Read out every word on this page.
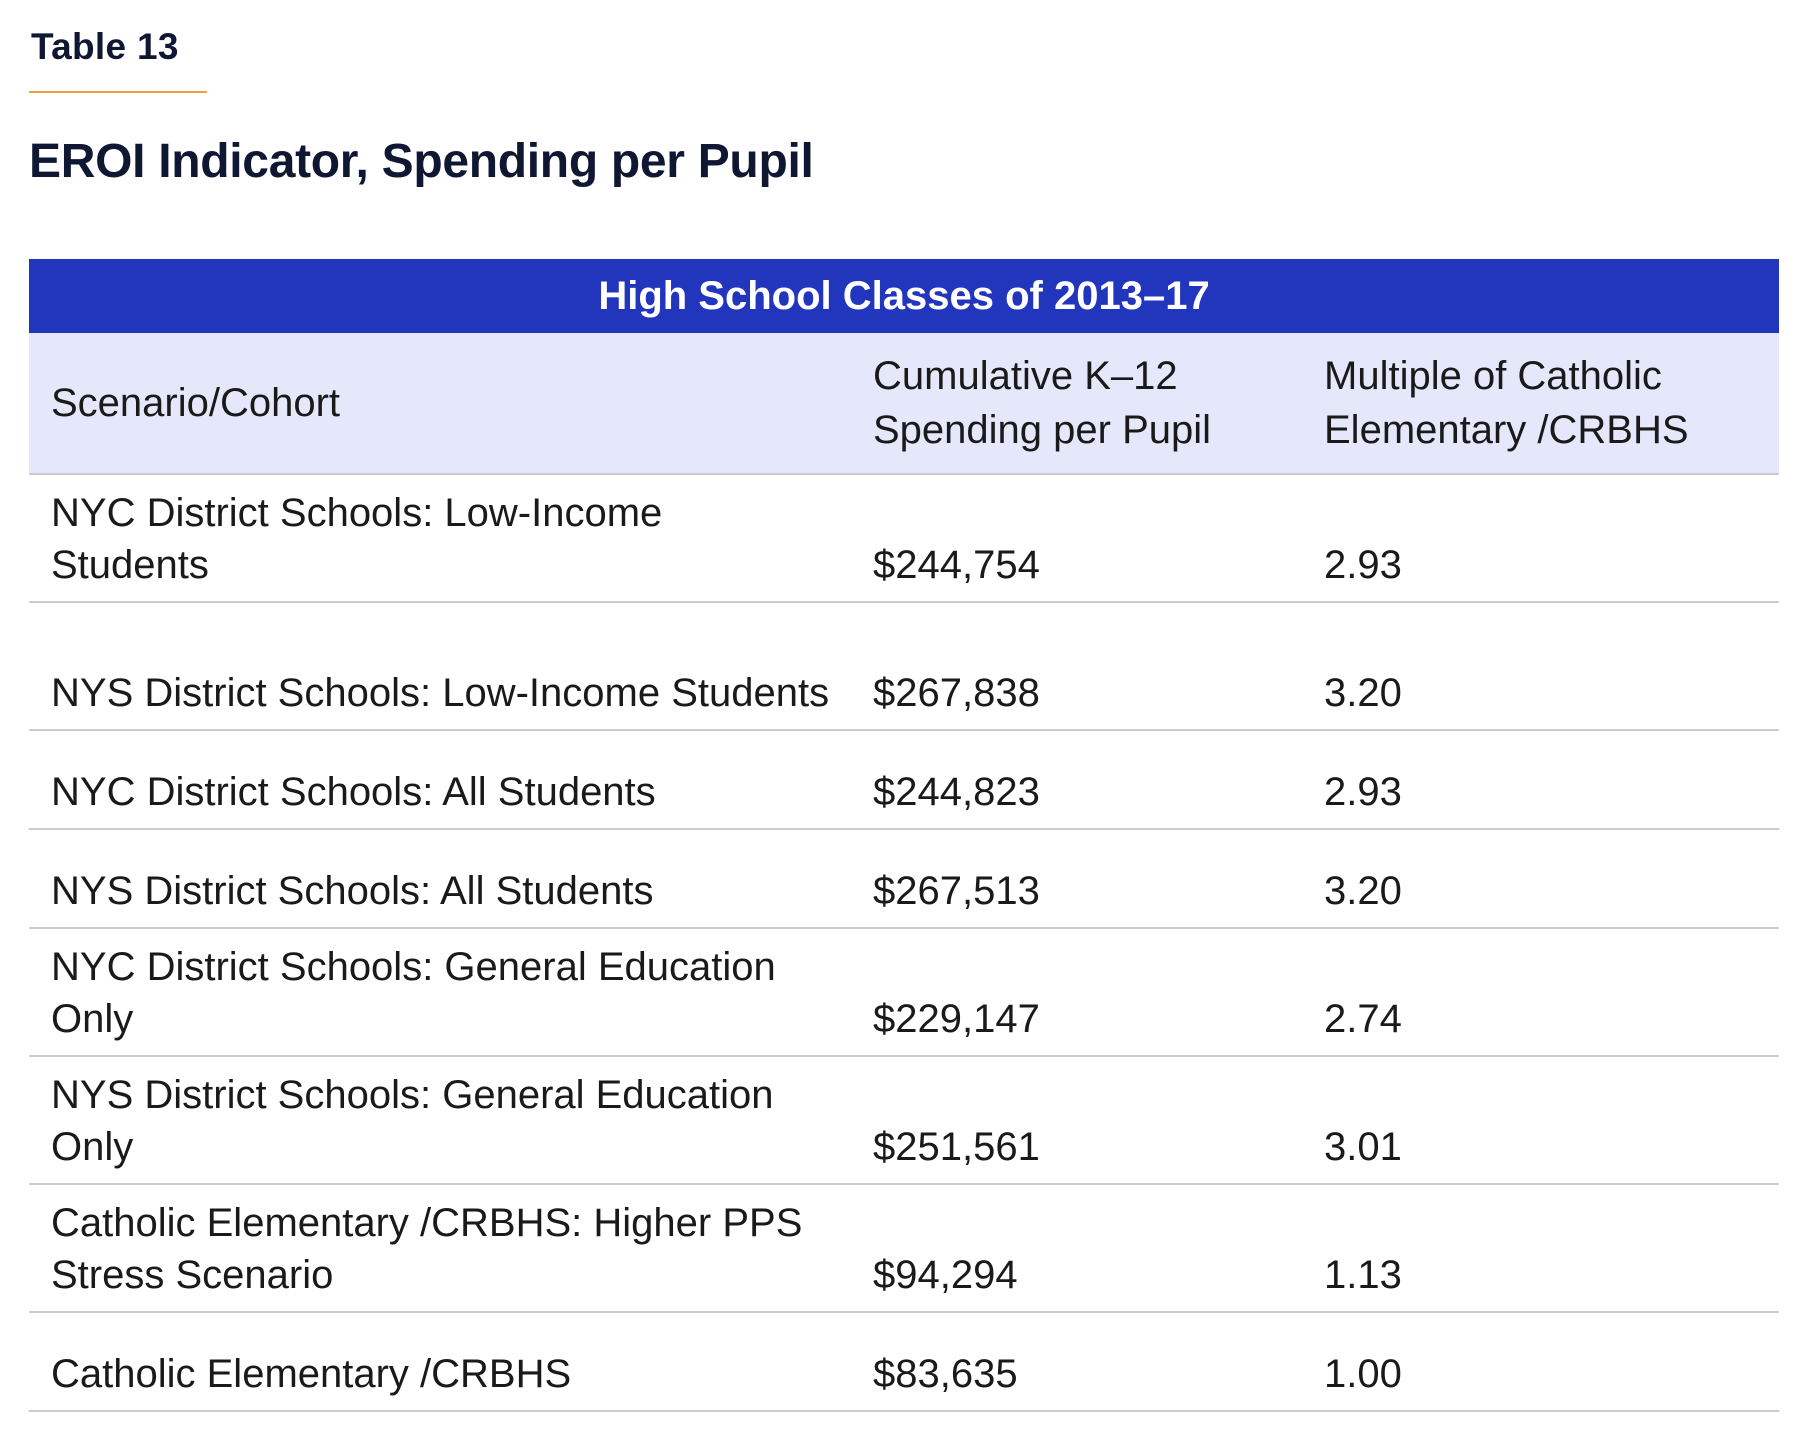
Table 13
EROI Indicator, Spending per Pupil
High School Classes of 2013–17		
Scenario/Cohort	Cumulative K–12 Spending per Pupil	Multiple of Catholic Elementary /CRBHS
NYC District Schools: Low-Income Students	$244,754	2.93
NYS District Schools: Low-Income Students	$267,838	3.20
NYC District Schools: All Students	$244,823	2.93
NYS District Schools: All Students	$267,513	3.20
NYC District Schools: General Education Only	$229,147	2.74
NYS District Schools: General Education Only	$251,561	3.01
Catholic Elementary /CRBHS: Higher PPS Stress Scenario	$94,294	1.13
Catholic Elementary /CRBHS	$83,635	1.00
